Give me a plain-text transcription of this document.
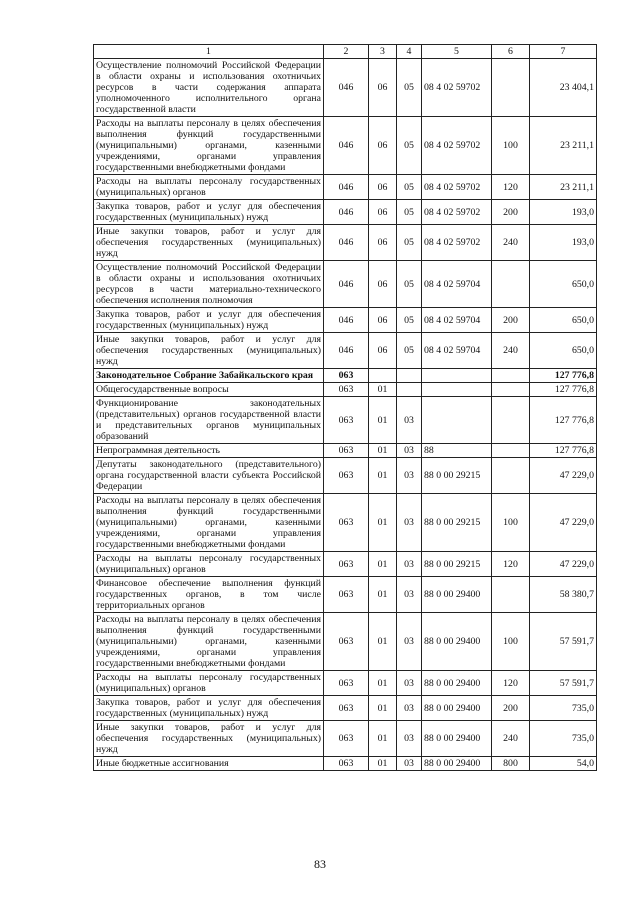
1	2	3	4	5	6	7
Осуществление полномочий Российской Федерации в области охраны и использования охотничьих ресурсов в части содержания аппарата уполномоченного исполнительного органа государственной власти	046	06	05	08 4 02 59702		23 404,1
Расходы на выплаты персоналу в целях обеспечения выполнения функций государственными (муниципальными) органами, казенными учреждениями, органами управления государственными внебюджетными фондами	046	06	05	08 4 02 59702	100	23 211,1
Расходы на выплаты персоналу государственных (муниципальных) органов	046	06	05	08 4 02 59702	120	23 211,1
Закупка товаров, работ и услуг для обеспечения государственных (муниципальных) нужд	046	06	05	08 4 02 59702	200	193,0
Иные закупки товаров, работ и услуг для обеспечения государственных (муниципальных) нужд	046	06	05	08 4 02 59702	240	193,0
Осуществление полномочий Российской Федерации в области охраны и использования охотничьих ресурсов в части материально-технического обеспечения исполнения полномочия	046	06	05	08 4 02 59704		650,0
Закупка товаров, работ и услуг для обеспечения государственных (муниципальных) нужд	046	06	05	08 4 02 59704	200	650,0
Иные закупки товаров, работ и услуг для обеспечения государственных (муниципальных) нужд	046	06	05	08 4 02 59704	240	650,0
Законодательное Собрание Забайкальского края	063					127 776,8
Общегосударственные вопросы	063	01				127 776,8
Функционирование законодательных (представительных) органов государственной власти и представительных органов муниципальных образований	063	01	03			127 776,8
Непрограммная деятельность	063	01	03	88		127 776,8
Депутаты законодательного (представительного) органа государственной власти субъекта Российской Федерации	063	01	03	88 0 00 29215		47 229,0
Расходы на выплаты персоналу в целях обеспечения выполнения функций государственными (муниципальными) органами, казенными учреждениями, органами управления государственными внебюджетными фондами	063	01	03	88 0 00 29215	100	47 229,0
Расходы на выплаты персоналу государственных (муниципальных) органов	063	01	03	88 0 00 29215	120	47 229,0
Финансовое обеспечение выполнения функций государственных органов, в том числе территориальных органов	063	01	03	88 0 00 29400		58 380,7
Расходы на выплаты персоналу в целях обеспечения выполнения функций государственными (муниципальными) органами, казенными учреждениями, органами управления государственными внебюджетными фондами	063	01	03	88 0 00 29400	100	57 591,7
Расходы на выплаты персоналу государственных (муниципальных) органов	063	01	03	88 0 00 29400	120	57 591,7
Закупка товаров, работ и услуг для обеспечения государственных (муниципальных) нужд	063	01	03	88 0 00 29400	200	735,0
Иные закупки товаров, работ и услуг для обеспечения государственных (муниципальных) нужд	063	01	03	88 0 00 29400	240	735,0
Иные бюджетные ассигнования	063	01	03	88 0 00 29400	800	54,0
83
